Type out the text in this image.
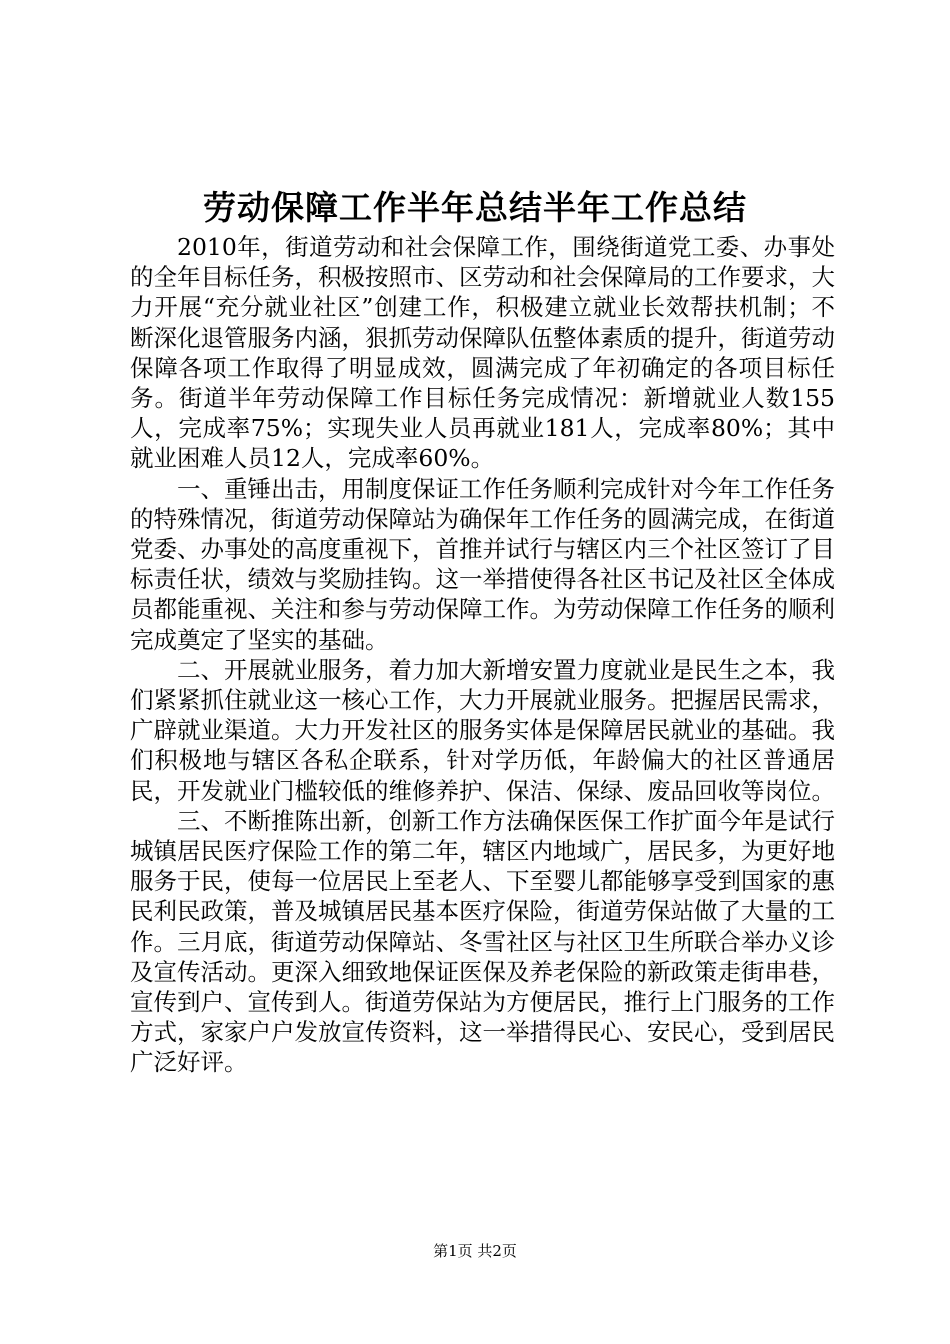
劳动保障工作半年总结半年工作总结

2010年，街道劳动和社会保障工作，围绕街道党工委、办事处的全年目标任务，积极按照市、区劳动和社会保障局的工作要求，大力开展“充分就业社区”创建工作，积极建立就业长效帮扶机制；不断深化退管服务内涵，狠抓劳动保障队伍整体素质的提升，街道劳动保障各项工作取得了明显成效，圆满完成了年初确定的各项目标任务。街道半年劳动保障工作目标任务完成情况：新增就业人数155人，完成率75%；实现失业人员再就业181人，完成率80%；其中就业困难人员12人，完成率60%。

一、重锤出击，用制度保证工作任务顺利完成针对今年工作任务的特殊情况，街道劳动保障站为确保年工作任务的圆满完成，在街道党委、办事处的高度重视下，首推并试行与辖区内三个社区签订了目标责任状，绩效与奖励挂钩。这一举措使得各社区书记及社区全体成员都能重视、关注和参与劳动保障工作。为劳动保障工作任务的顺利完成奠定了坚实的基础。

二、开展就业服务，着力加大新增安置力度就业是民生之本，我们紧紧抓住就业这一核心工作，大力开展就业服务。把握居民需求，广辟就业渠道。大力开发社区的服务实体是保障居民就业的基础。我们积极地与辖区各私企联系，针对学历低，年龄偏大的社区普通居民，开发就业门槛较低的维修养护、保洁、保绿、废品回收等岗位。

三、不断推陈出新，创新工作方法确保医保工作扩面今年是试行城镇居民医疗保险工作的第二年，辖区内地域广，居民多，为更好地服务于民，使每一位居民上至老人、下至婴儿都能够享受到国家的惠民利民政策，普及城镇居民基本医疗保险，街道劳保站做了大量的工作。三月底，街道劳动保障站、冬雪社区与社区卫生所联合举办义诊及宣传活动。更深入细致地保证医保及养老保险的新政策走街串巷，宣传到户、宣传到人。街道劳保站为方便居民，推行上门服务的工作方式，家家户户发放宣传资料，这一举措得民心、安民心，受到居民广泛好评。

第1页 共2页
